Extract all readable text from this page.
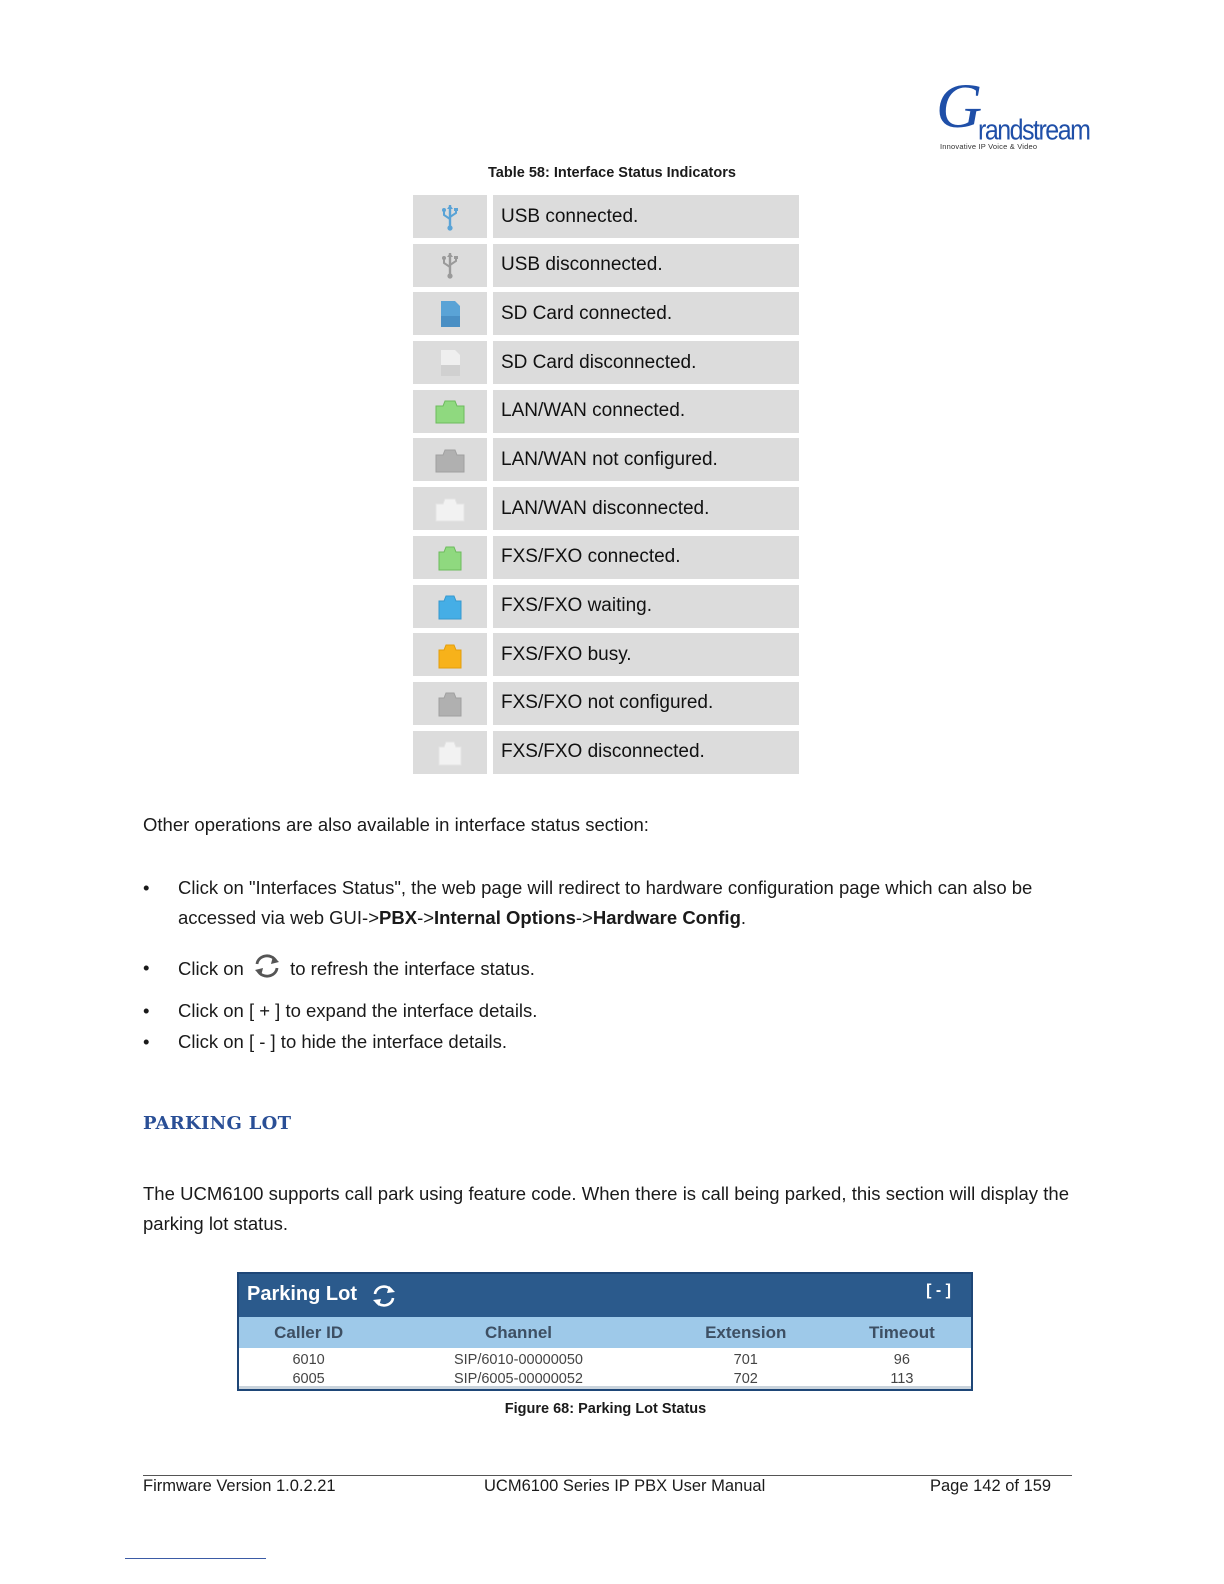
G
randstream
Innovative IP Voice & Video
Table 58: Interface Status Indicators
USB connected.
USB disconnected.
SD Card connected.
SD Card disconnected.
LAN/WAN connected.
LAN/WAN not configured.
LAN/WAN disconnected.
FXS/FXO connected.
FXS/FXO waiting.
FXS/FXO busy.
FXS/FXO not configured.
FXS/FXO disconnected.
Other operations are also available in interface status section:
• Click on "Interfaces Status", the web page will redirect to hardware configuration page which can also be accessed via web GUI->PBX->Internal Options->Hardware Config.
• Click on	to refresh the interface status.
• Click on [ + ] to expand the interface details.
• Click on [ - ] to hide the interface details.
PARKING LOT
The UCM6100 supports call park using feature code. When there is call being parked, this section will display the parking lot status.
Parking Lot	[ - ]
Caller ID	Channel	Extension	Timeout
6010	SIP/6010-00000050	701	96
6005	SIP/6005-00000052	702	113
Figure 68: Parking Lot Status
Firmware Version 1.0.2.21	UCM6100 Series IP PBX User Manual	Page 142 of 159
